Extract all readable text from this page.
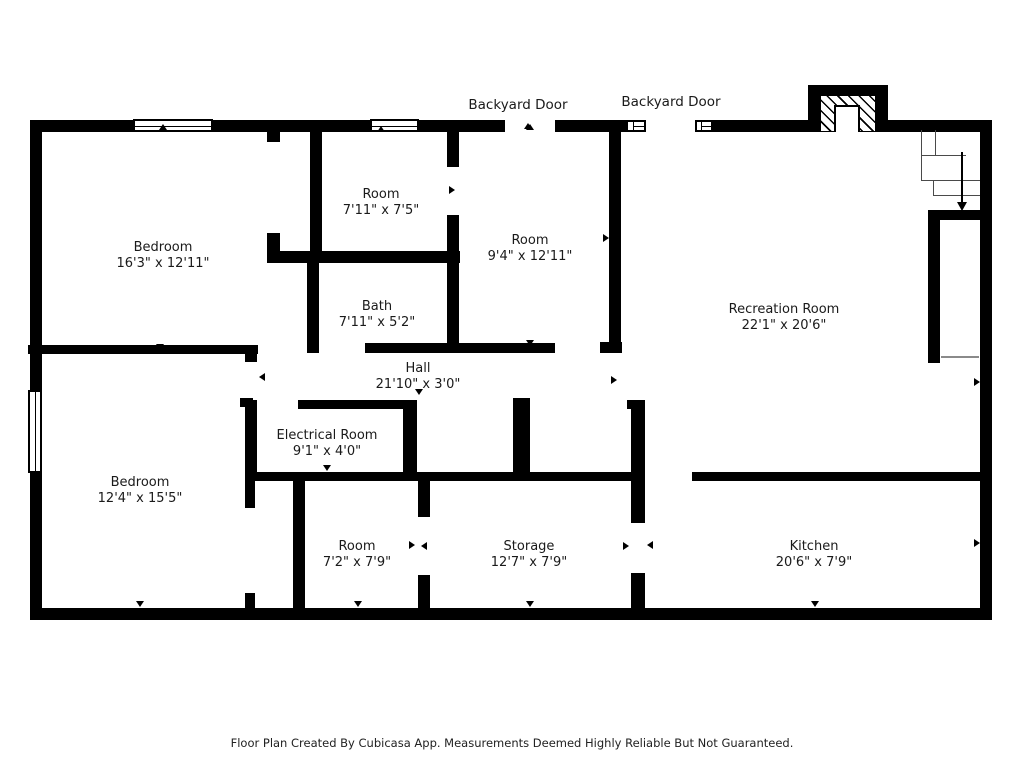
Bedroom
16'3" x 12'11"
Room
7'11" x 7'5"
Room
9'4" x 12'11"
Recreation Room
22'1" x 20'6"
Bath
7'11" x 5'2"
Hall
21'10" x 3'0"
Electrical Room
9'1" x 4'0"
Bedroom
12'4" x 15'5"
Room
7'2" x 7'9"
Storage
12'7" x 7'9"
Kitchen
20'6" x 7'9"
Backyard Door	Backyard Door
Floor Plan Created By Cubicasa App. Measurements Deemed Highly Reliable But Not Guaranteed.
